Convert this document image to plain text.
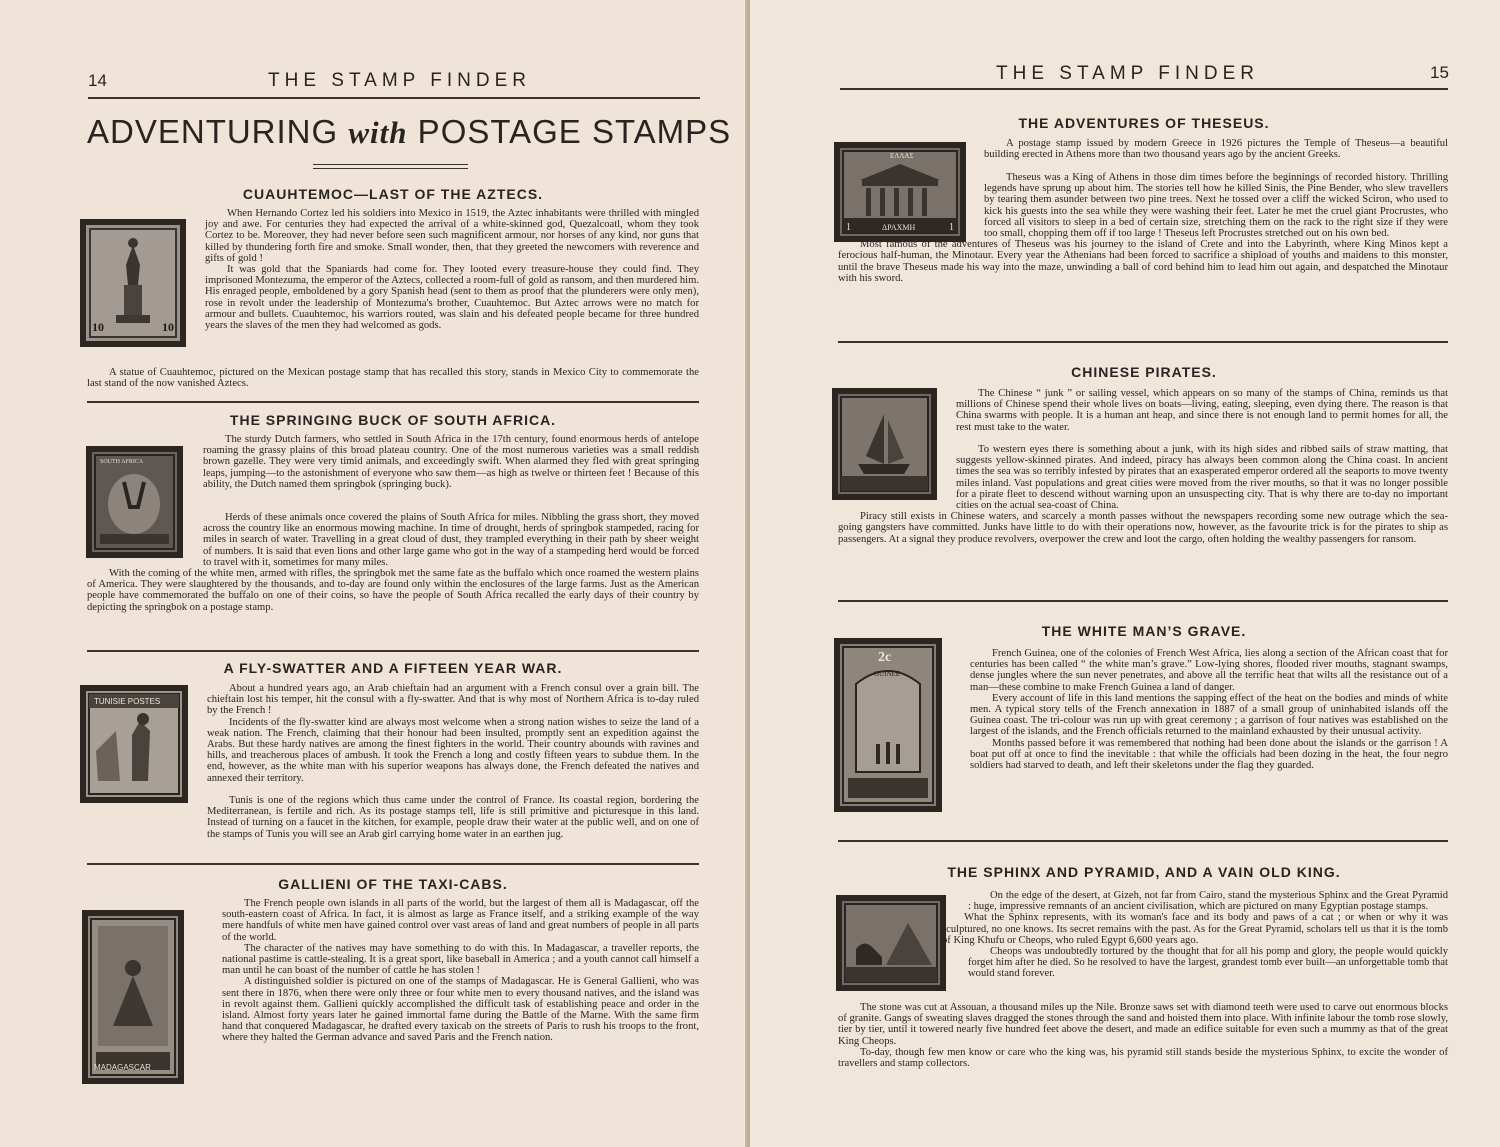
14	THE STAMP FINDER
ADVENTURING with POSTAGE STAMPS
CUAUHTEMOC—LAST OF THE AZTECS.
10	10

When Hernando Cortez led his soldiers into Mexico in 1519, the Aztec inhabitants were thrilled with mingled joy and awe. For centuries they had expected the arrival of a white-skinned god, Quezalcoatl, whom they took Cortez to be. Moreover, they had never before seen such magnificent armour, nor horses of any kind, nor guns that killed by thundering forth fire and smoke. Small wonder, then, that they greeted the newcomers with reverence and gifts of gold !

It was gold that the Spaniards had come for. They looted every treasure-house they could find. They imprisoned Montezuma, the emperor of the Aztecs, collected a room-full of gold as ransom, and then murdered him. His enraged people, emboldened by a gory Spanish head (sent to them as proof that the plunderers were only men), rose in revolt under the leadership of Montezuma's brother, Cuauhtemoc. But Aztec arrows were no match for armour and bullets. Cuauhtemoc, his warriors routed, was slain and his defeated people became for three hundred years the slaves of the men they had welcomed as gods.

A statue of Cuauhtemoc, pictured on the Mexican postage stamp that has recalled this story, stands in Mexico City to commemorate the last stand of the now vanished Aztecs.

THE SPRINGING BUCK OF SOUTH AFRICA.
SOUTH AFRICA

The sturdy Dutch farmers, who settled in South Africa in the 17th century, found enormous herds of antelope roaming the grassy plains of this broad plateau country. One of the most numerous varieties was a small reddish brown gazelle. They were very timid animals, and exceedingly swift. When alarmed they fled with great springing leaps, jumping—to the astonishment of everyone who saw them—as high as twelve or thirteen feet ! Because of this ability, the Dutch named them springbok (springing buck).

Herds of these animals once covered the plains of South Africa for miles. Nibbling the grass short, they moved across the country like an enormous mowing machine. In time of drought, herds of springbok stampeded, racing for miles in search of water. Travelling in a great cloud of dust, they trampled everything in their path by sheer weight of numbers. It is said that even lions and other large game who got in the way of a stampeding herd would be forced to travel with it, sometimes for many miles.

With the coming of the white men, armed with rifles, the springbok met the same fate as the buffalo which once roamed the western plains of America. They were slaughtered by the thousands, and to-day are found only within the enclosures of the large farms. Just as the American people have commemorated the buffalo on one of their coins, so have the people of South Africa recalled the early days of their country by depicting the springbok on a postage stamp.

A FLY-SWATTER AND A FIFTEEN YEAR WAR.
TUNISIE POSTES

About a hundred years ago, an Arab chieftain had an argument with a French consul over a grain bill. The chieftain lost his temper, hit the consul with a fly-swatter. And that is why most of Northern Africa is to-day ruled by the French !

Incidents of the fly-swatter kind are always most welcome when a strong nation wishes to seize the land of a weak nation. The French, claiming that their honour had been insulted, promptly sent an expedition against the Arabs. But these hardy natives are among the finest fighters in the world. Their country abounds with ravines and hills, and treacherous places of ambush. It took the French a long and costly fifteen years to subdue them. In the end, however, as the white man with his superior weapons has always done, the French defeated the natives and annexed their territory.

Tunis is one of the regions which thus came under the control of France. Its coastal region, bordering the Mediterranean, is fertile and rich. As its postage stamps tell, life is still primitive and picturesque in this land. Instead of turning on a faucet in the kitchen, for example, people draw their water at the public well, and on one of the stamps of Tunis you will see an Arab girl carrying home water in an earthen jug.

GALLIENI OF THE TAXI-CABS.
MADAGASCAR

The French people own islands in all parts of the world, but the largest of them all is Madagascar, off the south-eastern coast of Africa. In fact, it is almost as large as France itself, and a striking example of the way mere handfuls of white men have gained control over vast areas of land and great numbers of people in all parts of the world.

The character of the natives may have something to do with this. In Madagascar, a traveller reports, the national pastime is cattle-stealing. It is a great sport, like baseball in America ; and a youth cannot call himself a man until he can boast of the number of cattle he has stolen !

A distinguished soldier is pictured on one of the stamps of Madagascar. He is General Gallieni, who was sent there in 1876, when there were only three or four white men to every thousand natives, and the island was in revolt against them. Gallieni quickly accomplished the difficult task of establishing peace and order in the island. Almost forty years later he gained immortal fame during the Battle of the Marne. With the same firm hand that conquered Madagascar, he drafted every taxicab on the streets of Paris to rush his troops to the front, where they halted the German advance and saved Paris and the French nation.

THE STAMP FINDER	15
THE ADVENTURES OF THESEUS.
ΕΛΛΑΣ
1	ΔΡΑΧΜΗ	1

A postage stamp issued by modern Greece in 1926 pictures the Temple of Theseus—a beautiful building erected in Athens more than two thousand years ago by the ancient Greeks.

Theseus was a King of Athens in those dim times before the beginnings of recorded history. Thrilling legends have sprung up about him. The stories tell how he killed Sinis, the Pine Bender, who slew travellers by tearing them asunder between two pine trees. Next he tossed over a cliff the wicked Sciron, who used to kick his guests into the sea while they were washing their feet. Later he met the cruel giant Procrustes, who forced all visitors to sleep in a bed of certain size, stretching them on the rack to the right size if they were too small, chopping them off if too large ! Theseus left Procrustes stretched out on his own bed.

Most famous of the adventures of Theseus was his journey to the island of Crete and into the Labyrinth, where King Minos kept a ferocious half-human, the Minotaur. Every year the Athenians had been forced to sacrifice a shipload of youths and maidens to this monster, until the brave Theseus made his way into the maze, unwinding a ball of cord behind him to lead him out again, and despatched the Minotaur with his sword.

CHINESE PIRATES.

The Chinese “ junk ” or sailing vessel, which appears on so many of the stamps of China, reminds us that millions of Chinese spend their whole lives on boats—living, eating, sleeping, even dying there. The reason is that China swarms with people. It is a human ant heap, and since there is not enough land to permit homes for all, the rest must take to the water.

To western eyes there is something about a junk, with its high sides and ribbed sails of straw matting, that suggests yellow-skinned pirates. And indeed, piracy has always been common along the China coast. In ancient times the sea was so terribly infested by pirates that an exasperated emperor ordered all the seaports to move twenty miles inland. Vast populations and great cities were moved from the river mouths, so that it was no longer possible for a pirate fleet to descend without warning upon an unsuspecting city. That is why there are to-day no important cities on the actual sea-coast of China.

Piracy still exists in Chinese waters, and scarcely a month passes without the newspapers recording some new outrage which the sea-going gangsters have committed. Junks have little to do with their operations now, however, as the favourite trick is for the pirates to ship as passengers. At a signal they produce revolvers, overpower the crew and loot the cargo, often holding the wealthy passengers for ransom.

THE WHITE MAN’S GRAVE.
2c
GUINEE

French Guinea, one of the colonies of French West Africa, lies along a section of the African coast that for centuries has been called “ the white man’s grave.” Low-lying shores, flooded river mouths, stagnant swamps, dense jungles where the sun never penetrates, and above all the terrific heat that wilts all the resistance out of a man—these combine to make French Guinea a land of danger.

Every account of life in this land mentions the sapping effect of the heat on the bodies and minds of white men. A typical story tells of the French annexation in 1887 of a small group of uninhabited islands off the Guinea coast. The tri-colour was run up with great ceremony ; a garrison of four natives was established on the largest of the islands, and the French officials returned to the mainland exhausted by their unusual activity.

Months passed before it was remembered that nothing had been done about the islands or the garrison ! A boat put off at once to find the inevitable : that while the officials had been dozing in the heat, the four negro soldiers had starved to death, and left their skeletons under the flag they guarded.

THE SPHINX AND PYRAMID, AND A VAIN OLD KING.

On the edge of the desert, at Gizeh, not far from Cairo, stand the mysterious Sphinx and the Great Pyramid : huge, impressive remnants of an ancient civilisation, which are pictured on many Egyptian postage stamps.

What the Sphinx represents, with its woman's face and its body and paws of a cat ; or when or why it was sculptured, no one knows. Its secret remains with the past. As for the Great Pyramid, scholars tell us that it is the tomb of King Khufu or Cheops, who ruled Egypt 6,600 years ago.

Cheops was undoubtedly tortured by the thought that for all his pomp and glory, the people would quickly forget him after he died. So he resolved to have the largest, grandest tomb ever built—an unforgettable tomb that would stand forever.

The stone was cut at Assouan, a thousand miles up the Nile. Bronze saws set with diamond teeth were used to carve out enormous blocks of granite. Gangs of sweating slaves dragged the stones through the sand and hoisted them into place. With infinite labour the tomb rose slowly, tier by tier, until it towered nearly five hundred feet above the desert, and made an edifice suitable for even such a mummy as that of the great King Cheops.

To-day, though few men know or care who the king was, his pyramid still stands beside the mysterious Sphinx, to excite the wonder of travellers and stamp collectors.
